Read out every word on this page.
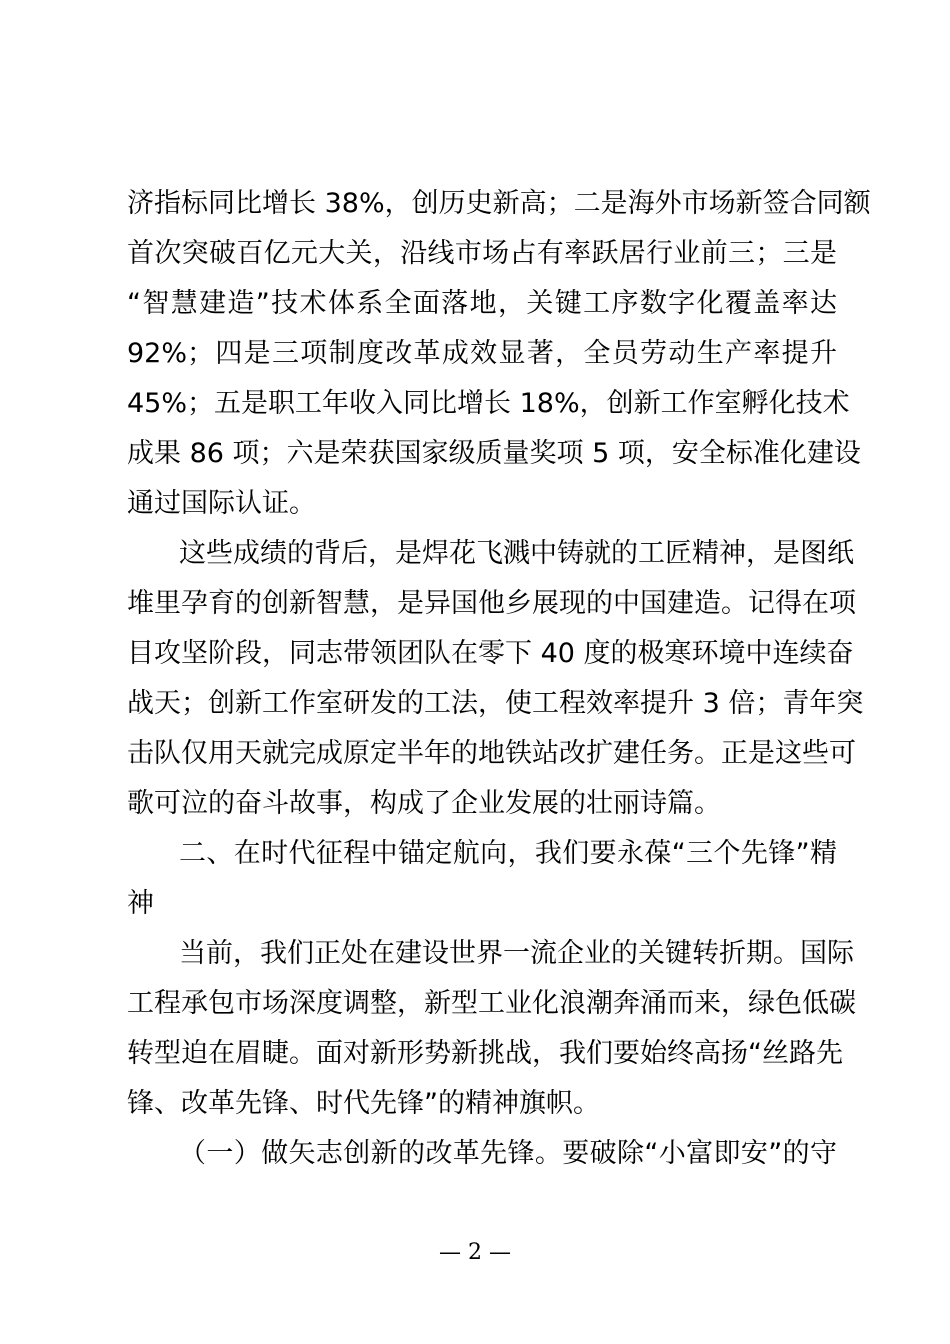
济指标同比增长 38%，创历史新高；二是海外市场新签合同额
首次突破百亿元大关，沿线市场占有率跃居行业前三；三是
“智慧建造”技术体系全面落地，关键工序数字化覆盖率达
92%；四是三项制度改革成效显著，全员劳动生产率提升
45%；五是职工年收入同比增长 18%，创新工作室孵化技术
成果 86 项；六是荣获国家级质量奖项 5 项，安全标准化建设
通过国际认证。
这些成绩的背后，是焊花飞溅中铸就的工匠精神，是图纸
堆里孕育的创新智慧，是异国他乡展现的中国建造。记得在项
目攻坚阶段，同志带领团队在零下 40 度的极寒环境中连续奋
战天；创新工作室研发的工法，使工程效率提升 3 倍；青年突
击队仅用天就完成原定半年的地铁站改扩建任务。正是这些可
歌可泣的奋斗故事，构成了企业发展的壮丽诗篇。
二、在时代征程中锚定航向，我们要永葆“三个先锋”精
神
当前，我们正处在建设世界一流企业的关键转折期。国际
工程承包市场深度调整，新型工业化浪潮奔涌而来，绿色低碳
转型迫在眉睫。面对新形势新挑战，我们要始终高扬“丝路先
锋、改革先锋、时代先锋”的精神旗帜。
（一）做矢志创新的改革先锋。要破除“小富即安”的守
— 2 —
